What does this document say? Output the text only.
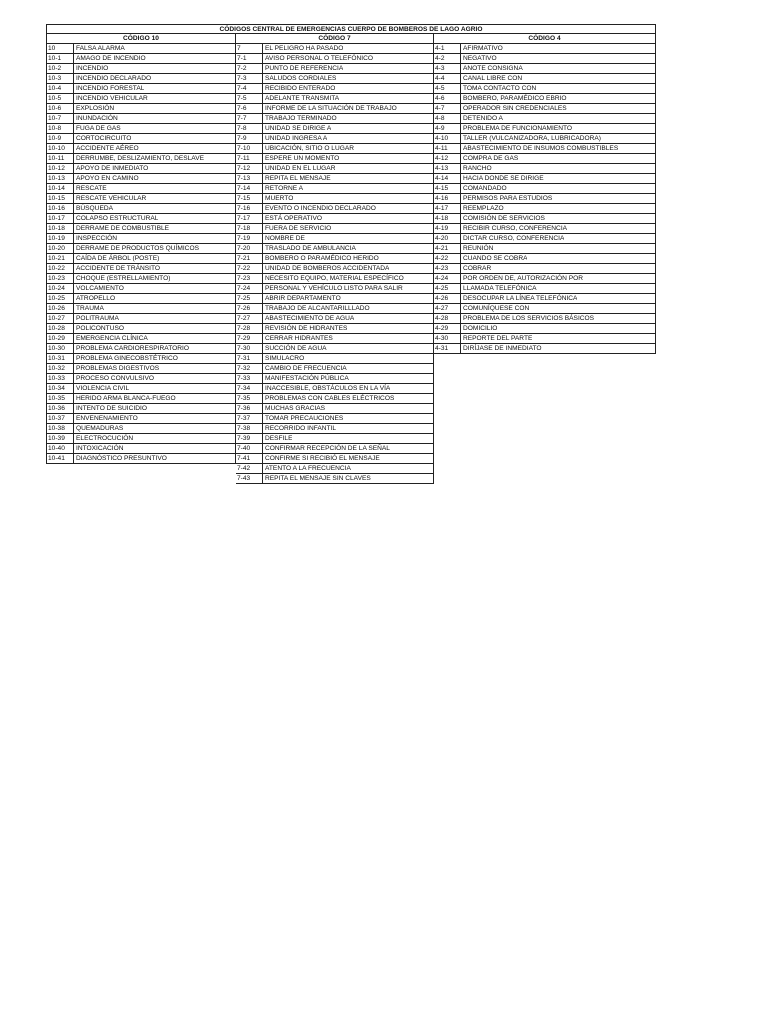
CÓDIGOS CENTRAL DE EMERGENCIAS CUERPO DE BOMBEROS DE LAGO AGRIO
CÓDIGO 10	CÓDIGO 7	CÓDIGO 4
10	FALSA ALARMA
10-1	AMAGO DE INCENDIO
10-2	INCENDIO
10-3	INCENDIO DECLARADO
10-4	INCENDIO FORESTAL
10-5	INCENDIO VEHICULAR
10-6	EXPLOSIÓN
10-7	INUNDACIÓN
10-8	FUGA DE GAS
10-9	CORTOCIRCUITO
10-10	ACCIDENTE AÉREO
10-11	DERRUMBE, DESLIZAMIENTO, DESLAVE
10-12	APOYO DE INMEDIATO
10-13	APOYO EN CAMINO
10-14	RESCATE
10-15	RESCATE VEHICULAR
10-16	BÚSQUEDA
10-17	COLAPSO ESTRUCTURAL
10-18	DERRAME DE COMBUSTIBLE
10-19	INSPECCIÓN
10-20	DERRAME DE PRODUCTOS QUÍMICOS
10-21	CAÍDA DE ÁRBOL (POSTE)
10-22	ACCIDENTE DE TRÁNSITO
10-23	CHOQUE (ESTRELLAMIENTO)
10-24	VOLCAMIENTO
10-25	ATROPELLO
10-26	TRAUMA
10-27	POLITRAUMA
10-28	POLICONTUSO
10-29	EMERGENCIA CLÍNICA
10-30	PROBLEMA CARDIORESPIRATORIO
10-31	PROBLEMA GINECOBSTÉTRICO
10-32	PROBLEMAS DIGESTIVOS
10-33	PROCESO CONVULSIVO
10-34	VIOLENCIA CIVIL
10-35	HERIDO ARMA BLANCA-FUEGO
10-36	INTENTO DE SUICIDIO
10-37	ENVENENAMIENTO
10-38	QUEMADURAS
10-39	ELECTROCUCIÓN
10-40	INTOXICACIÓN
10-41	DIAGNÓSTICO PRESUNTIVO
7	EL PELIGRO HA PASADO
7-1	AVISO PERSONAL O TELEFÓNICO
7-2	PUNTO DE REFERENCIA
7-3	SALUDOS CORDIALES
7-4	RECIBIDO ENTERADO
7-5	ADELANTE TRANSMITA
7-6	INFORME DE LA SITUACIÓN DE TRABAJO
7-7	TRABAJO TERMINADO
7-8	UNIDAD SE DIRIGE A
7-9	UNIDAD INGRESA A
7-10	UBICACIÓN, SITIO O LUGAR
7-11	ESPERE UN MOMENTO
7-12	UNIDAD EN EL LUGAR
7-13	REPITA EL MENSAJE
7-14	RETORNE A
7-15	MUERTO
7-16	EVENTO O INCENDIO DECLARADO
7-17	ESTÁ OPERATIVO
7-18	FUERA DE SERVICIO
7-19	NOMBRE DE
7-20	TRASLADO DE AMBULANCIA
7-21	BOMBERO O PARAMÉDICO HERIDO
7-22	UNIDAD DE BOMBEROS ACCIDENTADA
7-23	NECESITO EQUIPO, MATERIAL ESPECÍFICO
7-24	PERSONAL Y VEHÍCULO LISTO PARA SALIR
7-25	ABRIR DEPARTAMENTO
7-26	TRABAJO DE ALCANTARILLLADO
7-27	ABASTECIMIENTO DE AGUA
7-28	REVISIÓN DE HIDRANTES
7-29	CERRAR HIDRANTES
7-30	SUCCIÓN DE AGUA
7-31	SIMULACRO
7-32	CAMBIO DE FRECUENCIA
7-33	MANIFESTACIÓN PÚBLICA
7-34	INACCESIBLE, OBSTÁCULOS EN LA VÍA
7-35	PROBLEMAS CON CABLES ELÉCTRICOS
7-36	MUCHAS GRACIAS
7-37	TOMAR PRECAUCIONES
7-38	RECORRIDO INFANTIL
7-39	DESFILE
7-40	CONFIRMAR RECEPCIÓN DE LA SEÑAL
7-41	CONFIRME SI RECIBIÓ EL MENSAJE
7-42	ATENTO A LA FRECUENCIA
7-43	REPITA EL MENSAJE SIN CLAVES
4-1	AFIRMATIVO
4-2	NEGATIVO
4-3	ANOTE CONSIGNA
4-4	CANAL LIBRE CON
4-5	TOMA CONTACTO CON
4-6	BOMBERO, PARAMÉDICO EBRIO
4-7	OPERADOR SIN CREDENCIALES
4-8	DETENIDO A
4-9	PROBLEMA DE FUNCIONAMIENTO
4-10	TALLER (VULCANIZADORA, LUBRICADORA)
4-11	ABASTECIMIENTO DE INSUMOS COMBUSTIBLES
4-12	COMPRA DE GAS
4-13	RANCHO
4-14	HACIA DONDE SE DIRIGE
4-15	COMANDADO
4-16	PERMISOS PARA ESTUDIOS
4-17	REEMPLAZO
4-18	COMISIÓN DE SERVICIOS
4-19	RECIBIR CURSO, CONFERENCIA
4-20	DICTAR CURSO, CONFERENCIA
4-21	REUNIÓN
4-22	CUANDO SE COBRA
4-23	COBRAR
4-24	POR ORDEN DE, AUTORIZACIÓN POR
4-25	LLAMADA TELEFÓNICA
4-26	DESOCUPAR LA LÍNEA TELEFÓNICA
4-27	COMUNÍQUESE CON
4-28	PROBLEMA DE LOS SERVICIOS BÁSICOS
4-29	DOMICILIO
4-30	REPORTE DEL PARTE
4-31	DIRÍJASE DE INMEDIATO
